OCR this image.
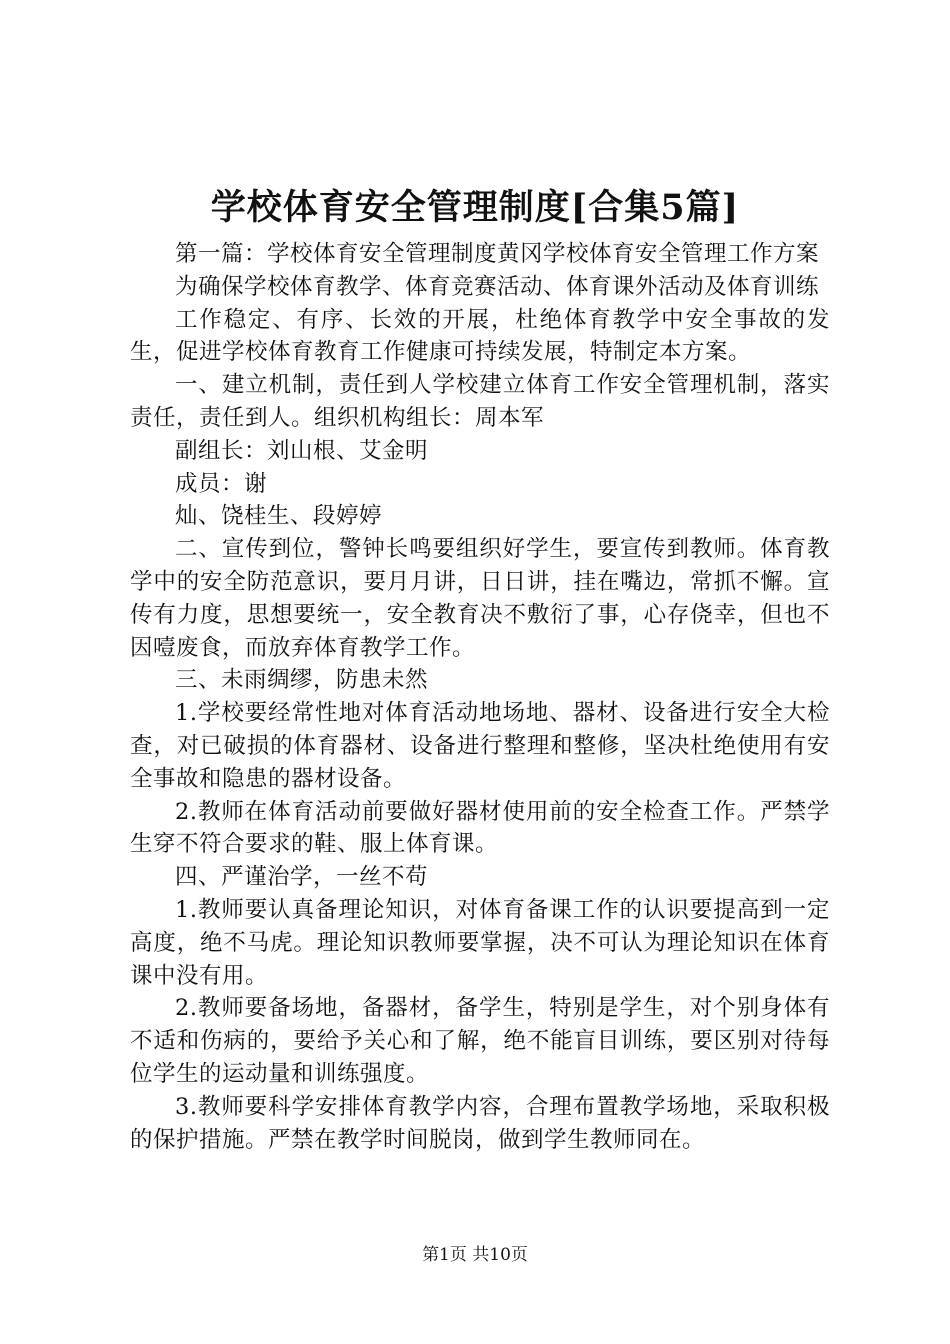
学校体育安全管理制度[合集5篇]

第一篇：学校体育安全管理制度黄冈学校体育安全管理工作方案

为确保学校体育教学、体育竞赛活动、体育课外活动及体育训练

工作稳定、有序、长效的开展，杜绝体育教学中安全事故的发生，促进学校体育教育工作健康可持续发展，特制定本方案。

一、建立机制，责任到人学校建立体育工作安全管理机制，落实责任，责任到人。组织机构组长：周本军

副组长：刘山根、艾金明

成员：谢

灿、饶桂生、段婷婷

二、宣传到位，警钟长鸣要组织好学生，要宣传到教师。体育教学中的安全防范意识，要月月讲，日日讲，挂在嘴边，常抓不懈。宣传有力度，思想要统一，安全教育决不敷衍了事，心存侥幸，但也不因噎废食，而放弃体育教学工作。

三、未雨绸缪，防患未然

1.学校要经常性地对体育活动地场地、器材、设备进行安全大检查，对已破损的体育器材、设备进行整理和整修，坚决杜绝使用有安全事故和隐患的器材设备。

2.教师在体育活动前要做好器材使用前的安全检查工作。严禁学生穿不符合要求的鞋、服上体育课。

四、严谨治学，一丝不苟

1.教师要认真备理论知识，对体育备课工作的认识要提高到一定高度，绝不马虎。理论知识教师要掌握，决不可认为理论知识在体育课中没有用。

2.教师要备场地，备器材，备学生，特别是学生，对个别身体有不适和伤病的，要给予关心和了解，绝不能盲目训练，要区别对待每位学生的运动量和训练强度。

3.教师要科学安排体育教学内容，合理布置教学场地，采取积极的保护措施。严禁在教学时间脱岗，做到学生教师同在。

第1页 共10页
